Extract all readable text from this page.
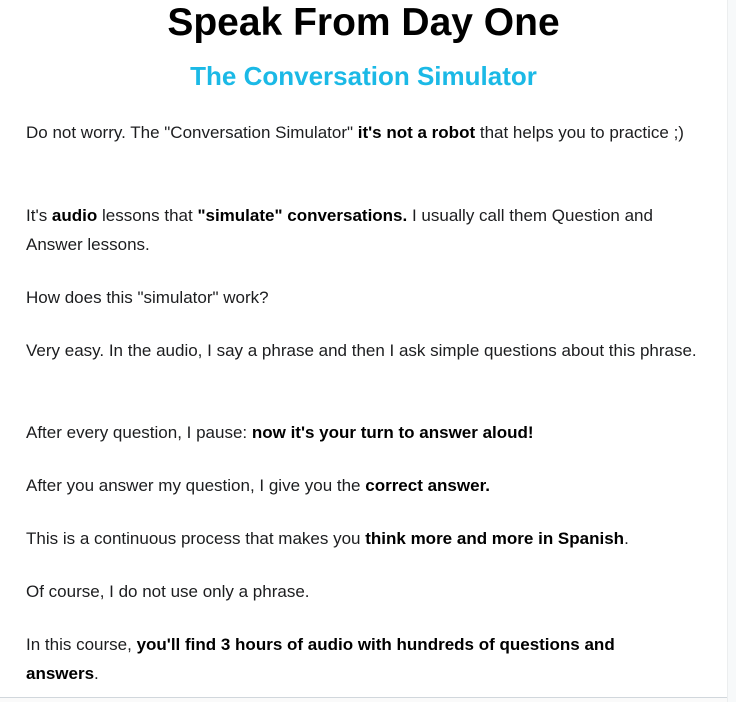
Speak From Day One
The Conversation Simulator

Do not worry. The "Conversation Simulator" it's not a robot that helps you to practice ;)

It's audio lessons that "simulate" conversations. I usually call them Question and Answer lessons.

How does this "simulator" work?

Very easy. In the audio, I say a phrase and then I ask simple questions about this phrase.

After every question, I pause: now it's your turn to answer aloud!

After you answer my question, I give you the correct answer.

This is a continuous process that makes you think more and more in Spanish.

Of course, I do not use only a phrase.

In this course, you'll find 3 hours of audio with hundreds of questions and answers.
